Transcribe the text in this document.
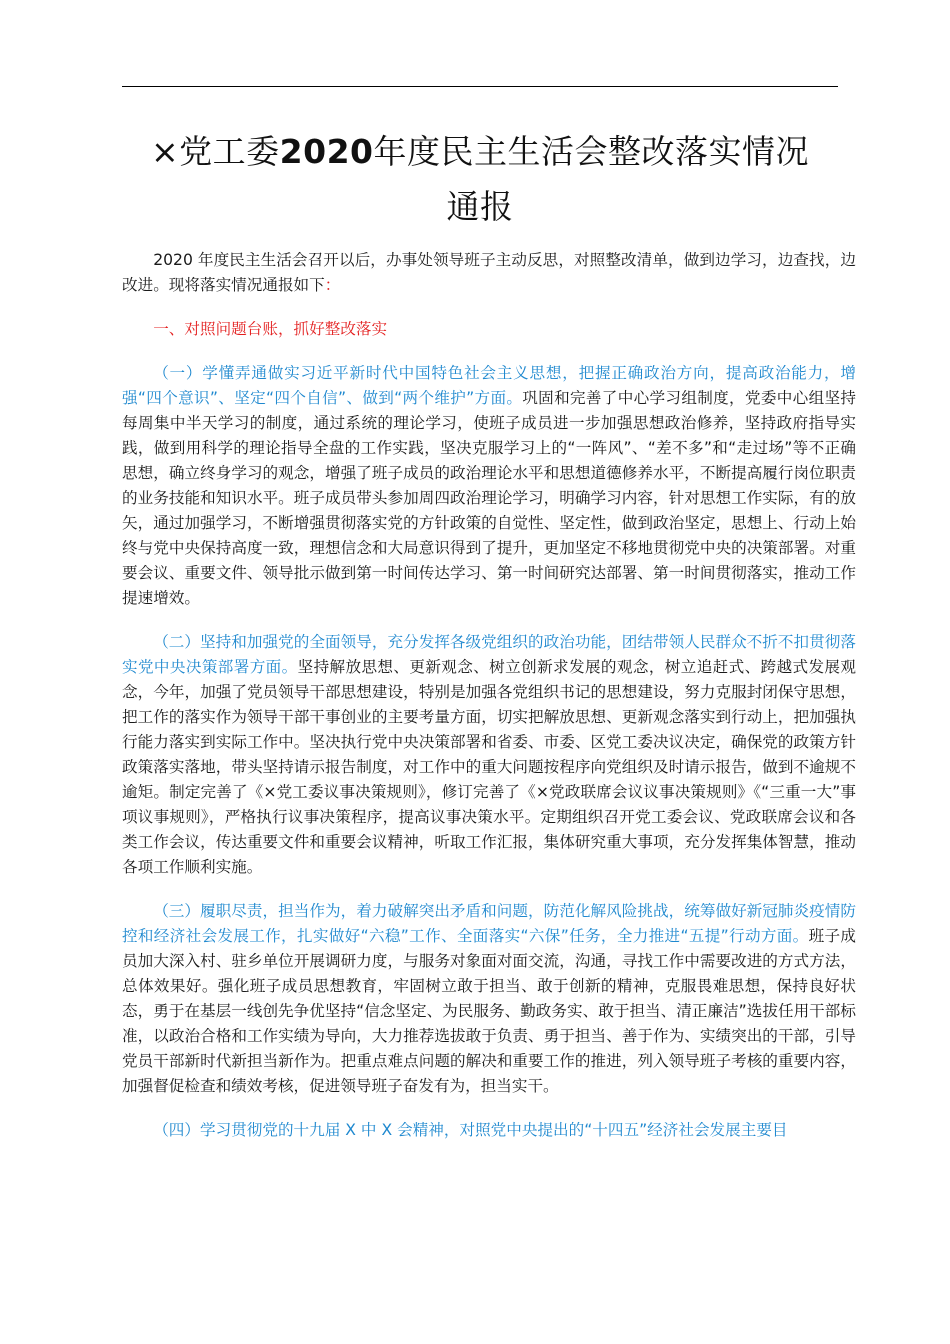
×党工委2020年度民主生活会整改落实情况
通报

2020 年度民主生活会召开以后，办事处领导班子主动反思，对照整改清单，做到边学习，边查找，边改进。现将落实情况通报如下：

一、对照问题台账，抓好整改落实

（一）学懂弄通做实习近平新时代中国特色社会主义思想，把握正确政治方向，提高政治能力，增强“四个意识”、坚定“四个自信”、做到“两个维护”方面。巩固和完善了中心学习组制度，党委中心组坚持每周集中半天学习的制度，通过系统的理论学习，使班子成员进一步加强思想政治修养，坚持政府指导实践，做到用科学的理论指导全盘的工作实践，坚决克服学习上的“一阵风”、“差不多”和“走过场”等不正确思想，确立终身学习的观念，增强了班子成员的政治理论水平和思想道德修养水平，不断提高履行岗位职责的业务技能和知识水平。班子成员带头参加周四政治理论学习，明确学习内容，针对思想工作实际，有的放矢，通过加强学习，不断增强贯彻落实党的方针政策的自觉性、坚定性，做到政治坚定，思想上、行动上始终与党中央保持高度一致，理想信念和大局意识得到了提升，更加坚定不移地贯彻党中央的决策部署。对重要会议、重要文件、领导批示做到第一时间传达学习、第一时间研究达部署、第一时间贯彻落实，推动工作提速增效。

（二）坚持和加强党的全面领导，充分发挥各级党组织的政治功能，团结带领人民群众不折不扣贯彻落实党中央决策部署方面。坚持解放思想、更新观念、树立创新求发展的观念，树立追赶式、跨越式发展观念，今年，加强了党员领导干部思想建设，特别是加强各党组织书记的思想建设，努力克服封闭保守思想，把工作的落实作为领导干部干事创业的主要考量方面，切实把解放思想、更新观念落实到行动上，把加强执行能力落实到实际工作中。坚决执行党中央决策部署和省委、市委、区党工委决议决定，确保党的政策方针政策落实落地，带头坚持请示报告制度，对工作中的重大问题按程序向党组织及时请示报告，做到不逾规不逾矩。制定完善了《×党工委议事决策规则》，修订完善了《×党政联席会议议事决策规则》《“三重一大”事项议事规则》，严格执行议事决策程序，提高议事决策水平。定期组织召开党工委会议、党政联席会议和各类工作会议，传达重要文件和重要会议精神，听取工作汇报，集体研究重大事项，充分发挥集体智慧，推动各项工作顺利实施。

（三）履职尽责，担当作为，着力破解突出矛盾和问题，防范化解风险挑战，统筹做好新冠肺炎疫情防控和经济社会发展工作，扎实做好“六稳”工作、全面落实“六保”任务，全力推进“五提”行动方面。班子成员加大深入村、驻乡单位开展调研力度，与服务对象面对面交流，沟通，寻找工作中需要改进的方式方法，总体效果好。强化班子成员思想教育，牢固树立敢于担当、敢于创新的精神，克服畏难思想，保持良好状态，勇于在基层一线创先争优坚持“信念坚定、为民服务、勤政务实、敢于担当、清正廉洁”选拔任用干部标准，以政治合格和工作实绩为导向，大力推荐选拔敢于负责、勇于担当、善于作为、实绩突出的干部，引导党员干部新时代新担当新作为。把重点难点问题的解决和重要工作的推进，列入领导班子考核的重要内容，加强督促检查和绩效考核，促进领导班子奋发有为，担当实干。

（四）学习贯彻党的十九届 X 中 X 会精神，对照党中央提出的“十四五”经济社会发展主要目
